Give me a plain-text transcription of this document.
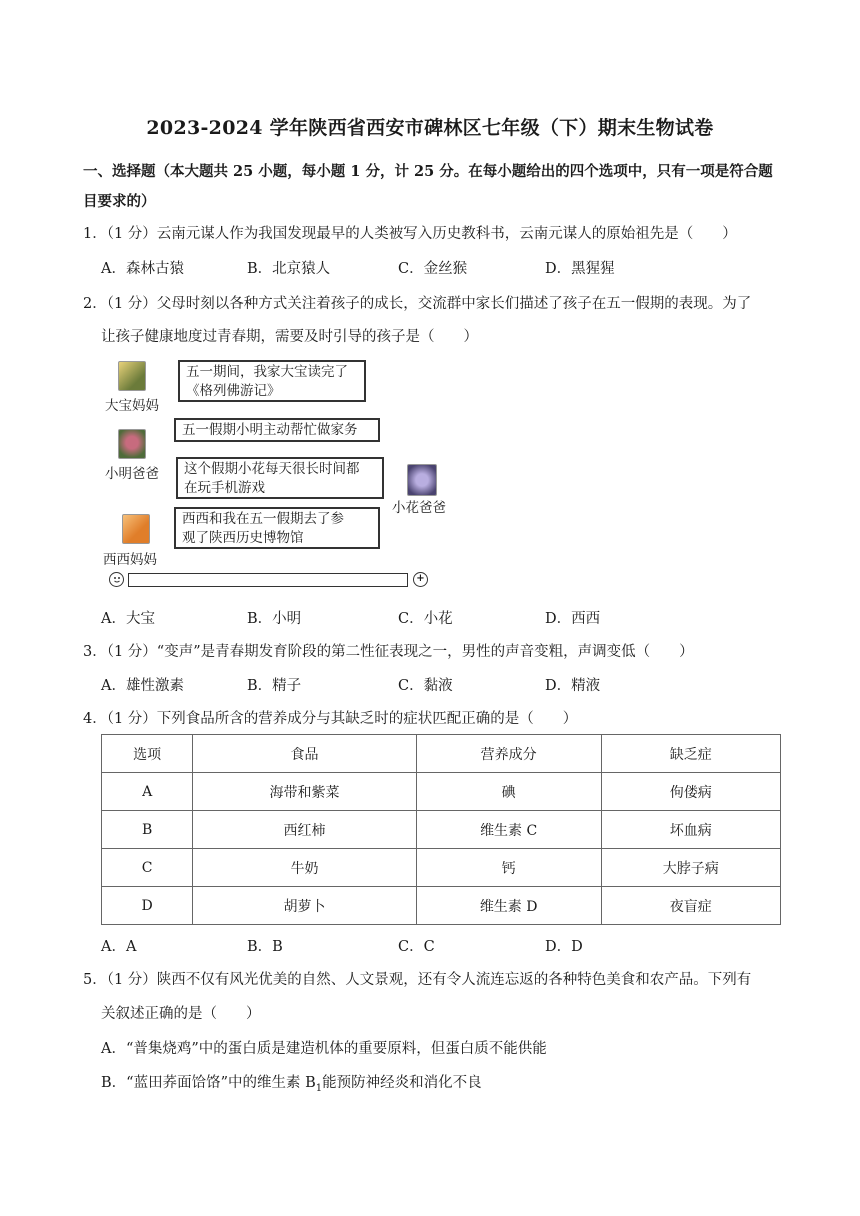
2023-2024 学年陕西省西安市碑林区七年级（下）期末生物试卷
一、选择题（本大题共 25 小题，每小题 1 分，计 25 分。在每小题给出的四个选项中，只有一项是符合题
目要求的）
1．（1 分）云南元谋人作为我国发现最早的人类被写入历史教科书，云南元谋人的原始祖先是（　　）
A．森林古猿	B．北京猿人	C．金丝猴	D．黑猩猩
2．（1 分）父母时刻以各种方式关注着孩子的成长，交流群中家长们描述了孩子在五一假期的表现。为了
让孩子健康地度过青春期，需要及时引导的孩子是（　　）
大宝妈妈
五一期间，我家大宝读完了
《格列佛游记》
小明爸爸
五一假期小明主动帮忙做家务
小花爸爸
这个假期小花每天很长时间都
在玩手机游戏
西西妈妈
西西和我在五一假期去了参
观了陕西历史博物馆
+
A．大宝	B．小明	C．小花	D．西西
3．（1 分）“变声”是青春期发育阶段的第二性征表现之一，男性的声音变粗，声调变低（　　）
A．雄性激素	B．精子	C．黏液	D．精液
4．（1 分）下列食品所含的营养成分与其缺乏时的症状匹配正确的是（　　）
选项	食品	营养成分	缺乏症
A	海带和紫菜	碘	佝偻病
B	西红柿	维生素 C	坏血病
C	牛奶	钙	大脖子病
D	胡萝卜	维生素 D	夜盲症
A．A	B．B	C．C	D．D
5．（1 分）陕西不仅有风光优美的自然、人文景观，还有令人流连忘返的各种特色美食和农产品。下列有
关叙述正确的是（　　）
A．“普集烧鸡”中的蛋白质是建造机体的重要原料，但蛋白质不能供能
B．“蓝田荞面饸饹”中的维生素 $B_1$能预防神经炎和消化不良
